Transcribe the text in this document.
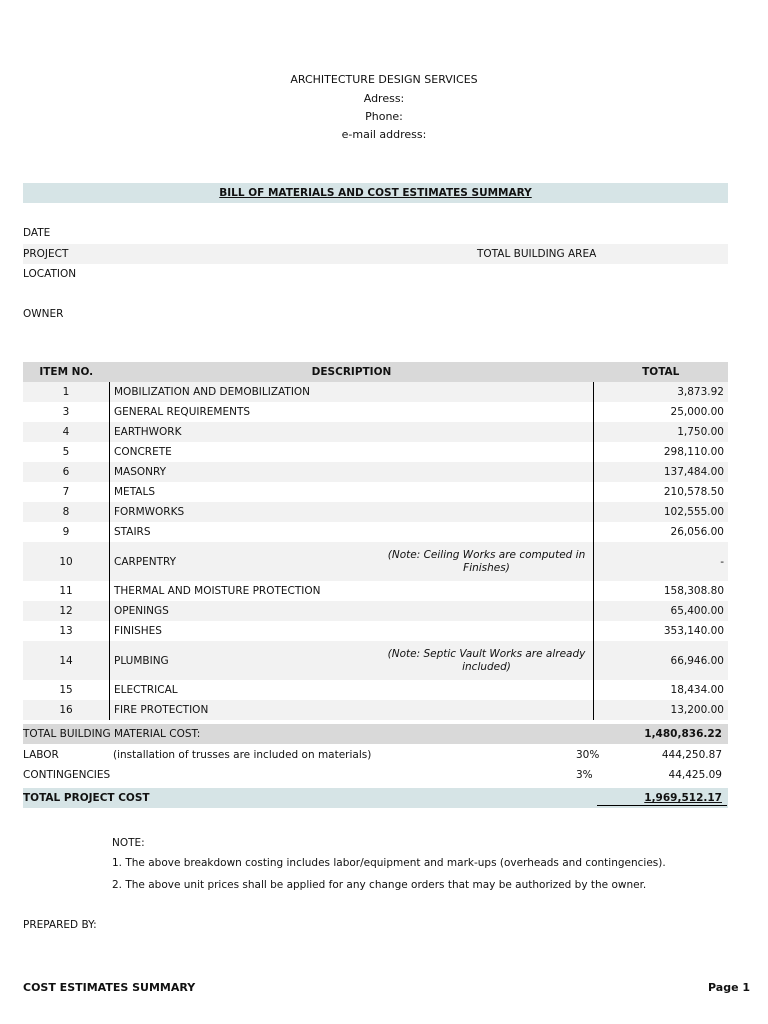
ARCHITECTURE DESIGN SERVICES
Adress:
Phone:
e-mail address:
BILL OF MATERIALS AND COST ESTIMATES SUMMARY
DATE
PROJECT	TOTAL BUILDING AREA
LOCATION
OWNER
ITEM NO.	DESCRIPTION		TOTAL
1	MOBILIZATION AND DEMOBILIZATION		3,873.92
3	GENERAL REQUIREMENTS		25,000.00
4	EARTHWORK		1,750.00
5	CONCRETE		298,110.00
6	MASONRY		137,484.00
7	METALS		210,578.50
8	FORMWORKS		102,555.00
9	STAIRS		26,056.00
10	CARPENTRY	(Note: Ceiling Works are computed in Finishes)	-
11	THERMAL AND MOISTURE PROTECTION		158,308.80
12	OPENINGS		65,400.00
13	FINISHES		353,140.00
14	PLUMBING	(Note: Septic Vault Works are already included)	66,946.00
15	ELECTRICAL		18,434.00
16	FIRE PROTECTION		13,200.00
TOTAL BUILDING MATERIAL COST:	1,480,836.22
LABOR	(installation of trusses are included on materials)	30%	444,250.87
CONTINGENCIES	3%	44,425.09
TOTAL PROJECT COST	1,969,512.17
NOTE:
1. The above breakdown costing includes labor/equipment and mark-ups (overheads and contingencies).
2. The above unit prices shall be applied for any change orders that may be authorized by the owner.
PREPARED BY:
COST ESTIMATES SUMMARY	Page 1
